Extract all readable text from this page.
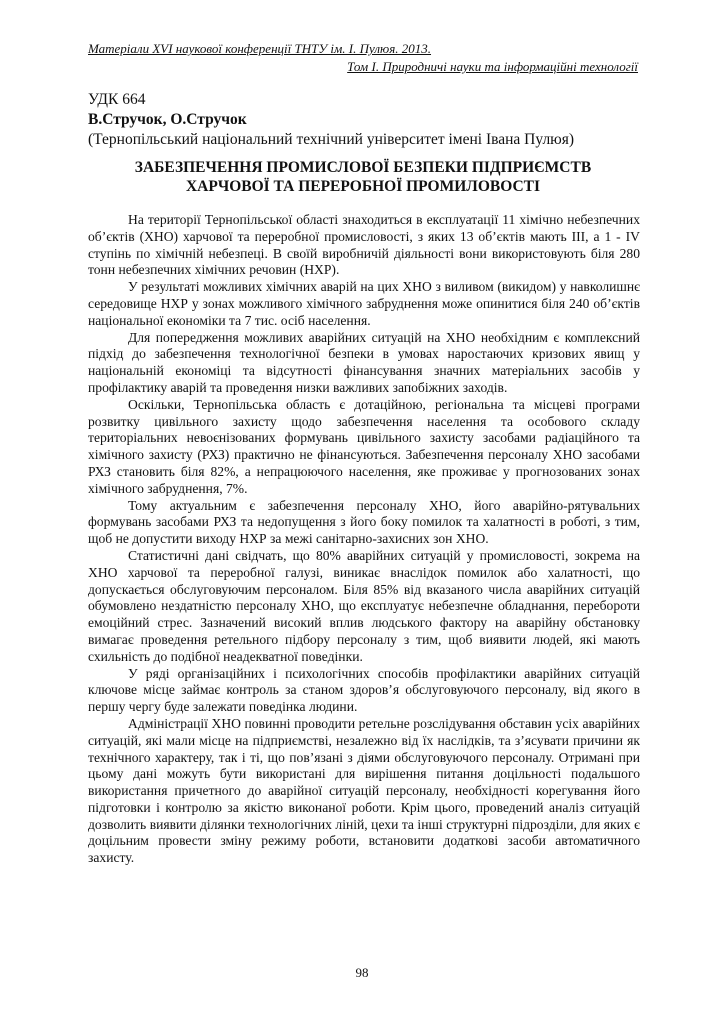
Матеріали XVІ наукової конференції ТНТУ ім. І. Пулюя. 2013.
Том І. Природничі науки та інформаційні технології
УДК 664
В.Стручок, О.Стручок
(Тернопільський національний технічний університет імені Івана Пулюя)
ЗАБЕЗПЕЧЕННЯ ПРОМИСЛОВОЇ БЕЗПЕКИ ПІДПРИЄМСТВ
ХАРЧОВОЇ ТА ПЕРЕРОБНОЇ ПРОМИЛОВОСТІ

На території Тернопільської області знаходиться в експлуатації 11 хімічно небезпечних об’єктів (ХНО) харчової та переробної промисловості, з яких 13 об’єктів мають ІІІ, а 1 - ІV ступінь по хімічній небезпеці. В своїй виробничій діяльності вони використовують біля 280 тонн небезпечних хімічних речовин (НХР).

У результаті можливих хімічних аварій на цих ХНО з виливом (викидом) у навколишнє середовище НХР у зонах можливого хімічного забруднення може опинитися біля 240 об’єктів національної економіки та 7 тис. осіб населення.

Для попередження можливих аварійних ситуацій на ХНО необхідним є комплексний підхід до забезпечення технологічної безпеки в умовах наростаючих кризових явищ у національній економіці та відсутності фінансування значних матеріальних засобів у профілактику аварій та проведення низки важливих запобіжних заходів.

Оскільки, Тернопільська область є дотаційною, регіональна та місцеві програми розвитку цивільного захисту щодо забезпечення населення та особового складу територіальних невоєнізованих формувань цивільного захисту засобами радіаційного та хімічного захисту (РХЗ) практично не фінансуються. Забезпечення персоналу ХНО засобами РХЗ становить біля 82%, а непрацюючого населення, яке проживає у прогнозованих зонах хімічного забруднення, 7%.

Тому актуальним є забезпечення персоналу ХНО, його аварійно-рятувальних формувань засобами РХЗ та недопущення з його боку помилок та халатності в роботі, з тим, щоб не допустити виходу НХР за межі санітарно-захисних зон ХНО.

Статистичні дані свідчать, що 80% аварійних ситуацій у промисловості, зокрема на ХНО харчової та переробної галузі, виникає внаслідок помилок або халатності, що допускається обслуговуючим персоналом. Біля 85% від вказаного числа аварійних ситуацій обумовлено нездатністю персоналу ХНО, що експлуатує небезпечне обладнання, перебороти емоційний стрес. Зазначений високий вплив людського фактору на аварійну обстановку вимагає проведення ретельного підбору персоналу з тим, щоб виявити людей, які мають схильність до подібної неадекватної поведінки.

У ряді організаційних і психологічних способів профілактики аварійних ситуацій ключове місце займає контроль за станом здоров’я обслуговуючого персоналу, від якого в першу чергу буде залежати поведінка людини.

Адміністрації ХНО повинні проводити ретельне розслідування обставин усіх аварійних ситуацій, які мали місце на підприємстві, незалежно від їх наслідків, та з’ясувати причини як технічного характеру, так і ті, що пов’язані з діями обслуговуючого персоналу. Отримані при цьому дані можуть бути використані для вирішення питання доцільності подальшого використання причетного до аварійної ситуацій персоналу, необхідності корегування його підготовки і контролю за якістю виконаної роботи. Крім цього, проведений аналіз ситуацій дозволить виявити ділянки технологічних ліній, цехи та інші структурні підрозділи, для яких є доцільним провести зміну режиму роботи, встановити додаткові засоби автоматичного захисту.

98
